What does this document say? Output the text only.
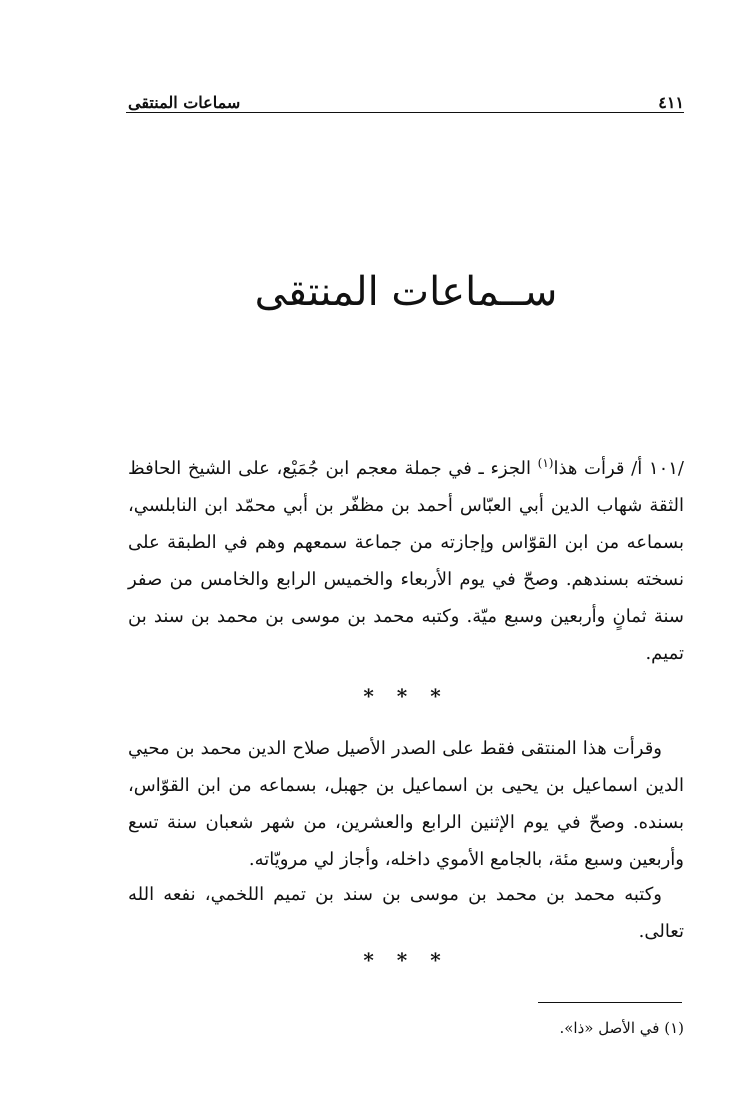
سماعات المنتقى	٤١١
ســماعات المنتقى

/١٠١ أ/ قرأت هذا$^{(١)}$ الجزء ـ في جملة معجم ابن جُمَيْع، على الشيخ الحافظ الثقة شهاب الدين أبي العبّاس أحمد بن مظفّر بن أبي محمّد ابن النابلسي، بسماعه من ابن القوّاس وإجازته من جماعة سمعهم وهم في الطبقة على نسخته بسندهم. وصحّ في يوم الأربعاء والخميس الرابع والخامس من صفر سنة ثمانٍ وأربعين وسبع ميّة. وكتبه محمد بن موسى بن محمد بن سند بن تميم.

* * *

وقرأت هذا المنتقى فقط على الصدر الأصيل صلاح الدين محمد بن محيي الدين اسماعيل بن يحيى بن اسماعيل بن جهبل، بسماعه من ابن القوّاس، بسنده. وصحّ في يوم الإثنين الرابع والعشرين، من شهر شعبان سنة تسع وأربعين وسبع مئة، بالجامع الأموي داخله، وأجاز لي مرويّاته.

وكتبه محمد بن محمد بن موسى بن سند بن تميم اللخمي، نفعه الله تعالى.

* * *
(١) في الأصل «ذا».
